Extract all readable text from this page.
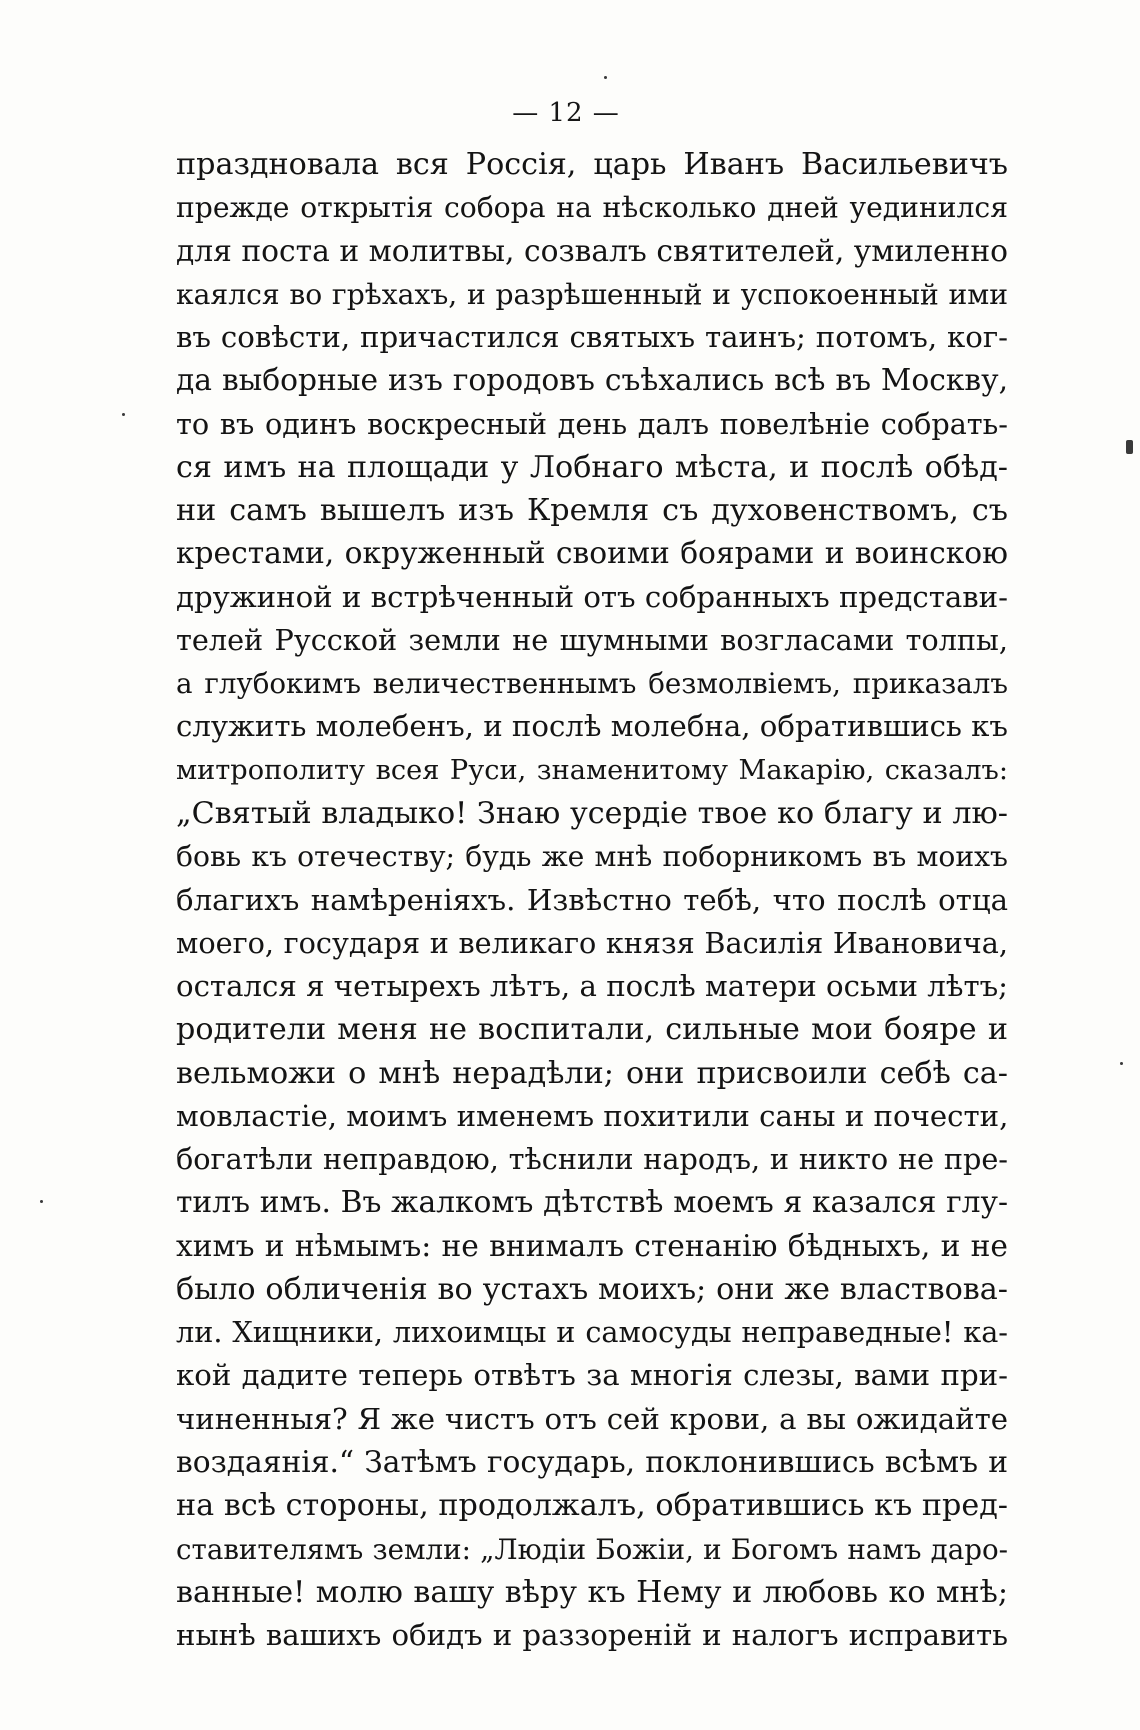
— 12 —
праздновала вся Россія, царь Иванъ Васильевичъ
прежде открытія собора на нѣсколько дней уединился
для поста и молитвы, созвалъ святителей, умиленно
каялся во грѣхахъ, и разрѣшенный и успокоенный ими
въ совѣсти, причастился святыхъ таинъ; потомъ, ког-
да выборные изъ городовъ съѣхались всѣ въ Москву,
то въ одинъ воскресный день далъ повелѣніе собрать-
ся имъ на площади у Лобнаго мѣста, и послѣ обѣд-
ни самъ вышелъ изъ Кремля съ духовенствомъ, съ
крестами, окруженный своими боярами и воинскою
дружиной и встрѣченный отъ собранныхъ представи-
телей Русской земли не шумными возгласами толпы,
а глубокимъ величественнымъ безмолвіемъ, приказалъ
служить молебенъ, и послѣ молебна, обратившись къ
митрополиту всея Руси, знаменитому Макарію, сказалъ:
„Святый владыко! Знаю усердіе твое ко благу и лю-
бовь къ отечеству; будь же мнѣ поборникомъ въ моихъ
благихъ намѣреніяхъ. Извѣстно тебѣ, что послѣ отца
моего, государя и великаго князя Василія Ивановича,
остался я четырехъ лѣтъ, а послѣ матери осьми лѣтъ;
родители меня не воспитали, сильные мои бояре и
вельможи о мнѣ нерадѣли; они присвоили себѣ са-
мовластіе, моимъ именемъ похитили саны и почести,
богатѣли неправдою, тѣснили народъ, и никто не пре-
тилъ имъ. Въ жалкомъ дѣтствѣ моемъ я казался глу-
химъ и нѣмымъ: не внималъ стенанію бѣдныхъ, и не
было обличенія во устахъ моихъ; они же властвова-
ли. Хищники, лихоимцы и самосуды неправедные! ка-
кой дадите теперь отвѣтъ за многія слезы, вами при-
чиненныя? Я же чистъ отъ сей крови, а вы ожидайте
воздаянія.“ Затѣмъ государь, поклонившись всѣмъ и
на всѣ стороны, продолжалъ, обратившись къ пред-
ставителямъ земли: „Людіи Божіи, и Богомъ намъ даро-
ванные! молю вашу вѣру къ Нему и любовь ко мнѣ;
нынѣ вашихъ обидъ и раззореній и налогъ исправить
